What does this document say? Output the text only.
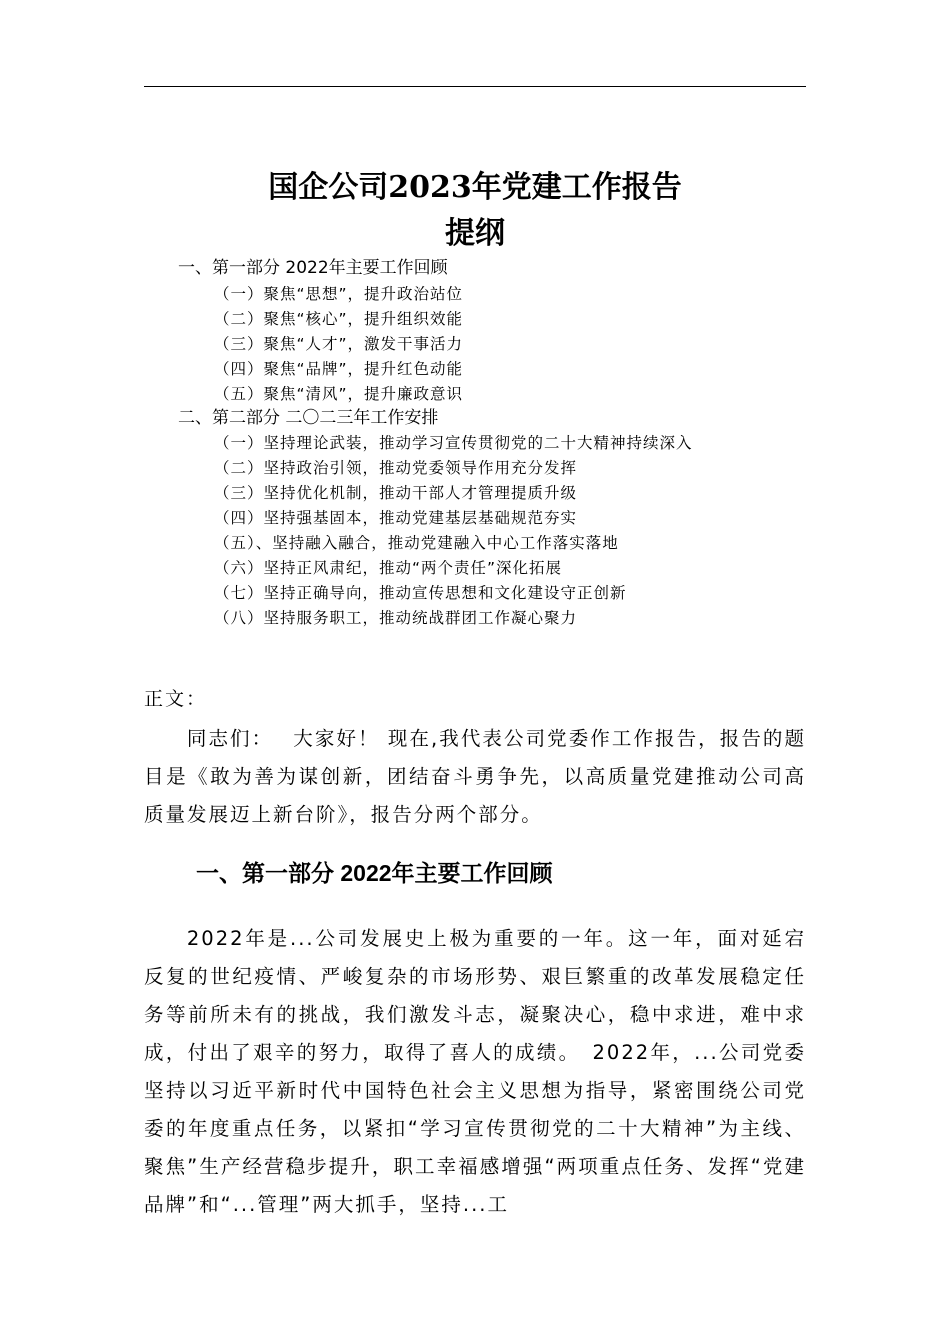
国企公司2023年党建工作报告
提纲
一、第一部分 2022年主要工作回顾
（一）聚焦“思想”，提升政治站位
（二）聚焦“核心”，提升组织效能
（三）聚焦“人才”，激发干事活力
（四）聚焦“品牌”，提升红色动能
（五）聚焦“清风”，提升廉政意识
二、第二部分 二〇二三年工作安排
（一）坚持理论武装，推动学习宣传贯彻党的二十大精神持续深入
（二）坚持政治引领，推动党委领导作用充分发挥
（三）坚持优化机制，推动干部人才管理提质升级
（四）坚持强基固本，推动党建基层基础规范夯实
（五）、坚持融入融合，推动党建融入中心工作落实落地
（六）坚持正风肃纪，推动“两个责任”深化拓展
（七）坚持正确导向，推动宣传思想和文化建设守正创新
（八）坚持服务职工，推动统战群团工作凝心聚力
正文：

同志们：　 大家好！ 现在,我代表公司党委作工作报告，报告的题目是《敢为善为谋创新，团结奋斗勇争先，以高质量党建推动公司高质量发展迈上新台阶》，报告分两个部分。

一、第一部分 2022年主要工作回顾

2022年是...公司发展史上极为重要的一年。这一年，面对延宕反复的世纪疫情、严峻复杂的市场形势、艰巨繁重的改革发展稳定任务等前所未有的挑战，我们激发斗志，凝聚决心，稳中求进，难中求成，付出了艰辛的努力，取得了喜人的成绩。　2022年，...公司党委坚持以习近平新时代中国特色社会主义思想为指导，紧密围绕公司党委的年度重点任务，以紧扣“学习宣传贯彻党的二十大精神”为主线、聚焦”生产经营稳步提升，职工幸福感增强“两项重点任务、发挥“党建品牌”和“...管理”两大抓手，坚持...工
